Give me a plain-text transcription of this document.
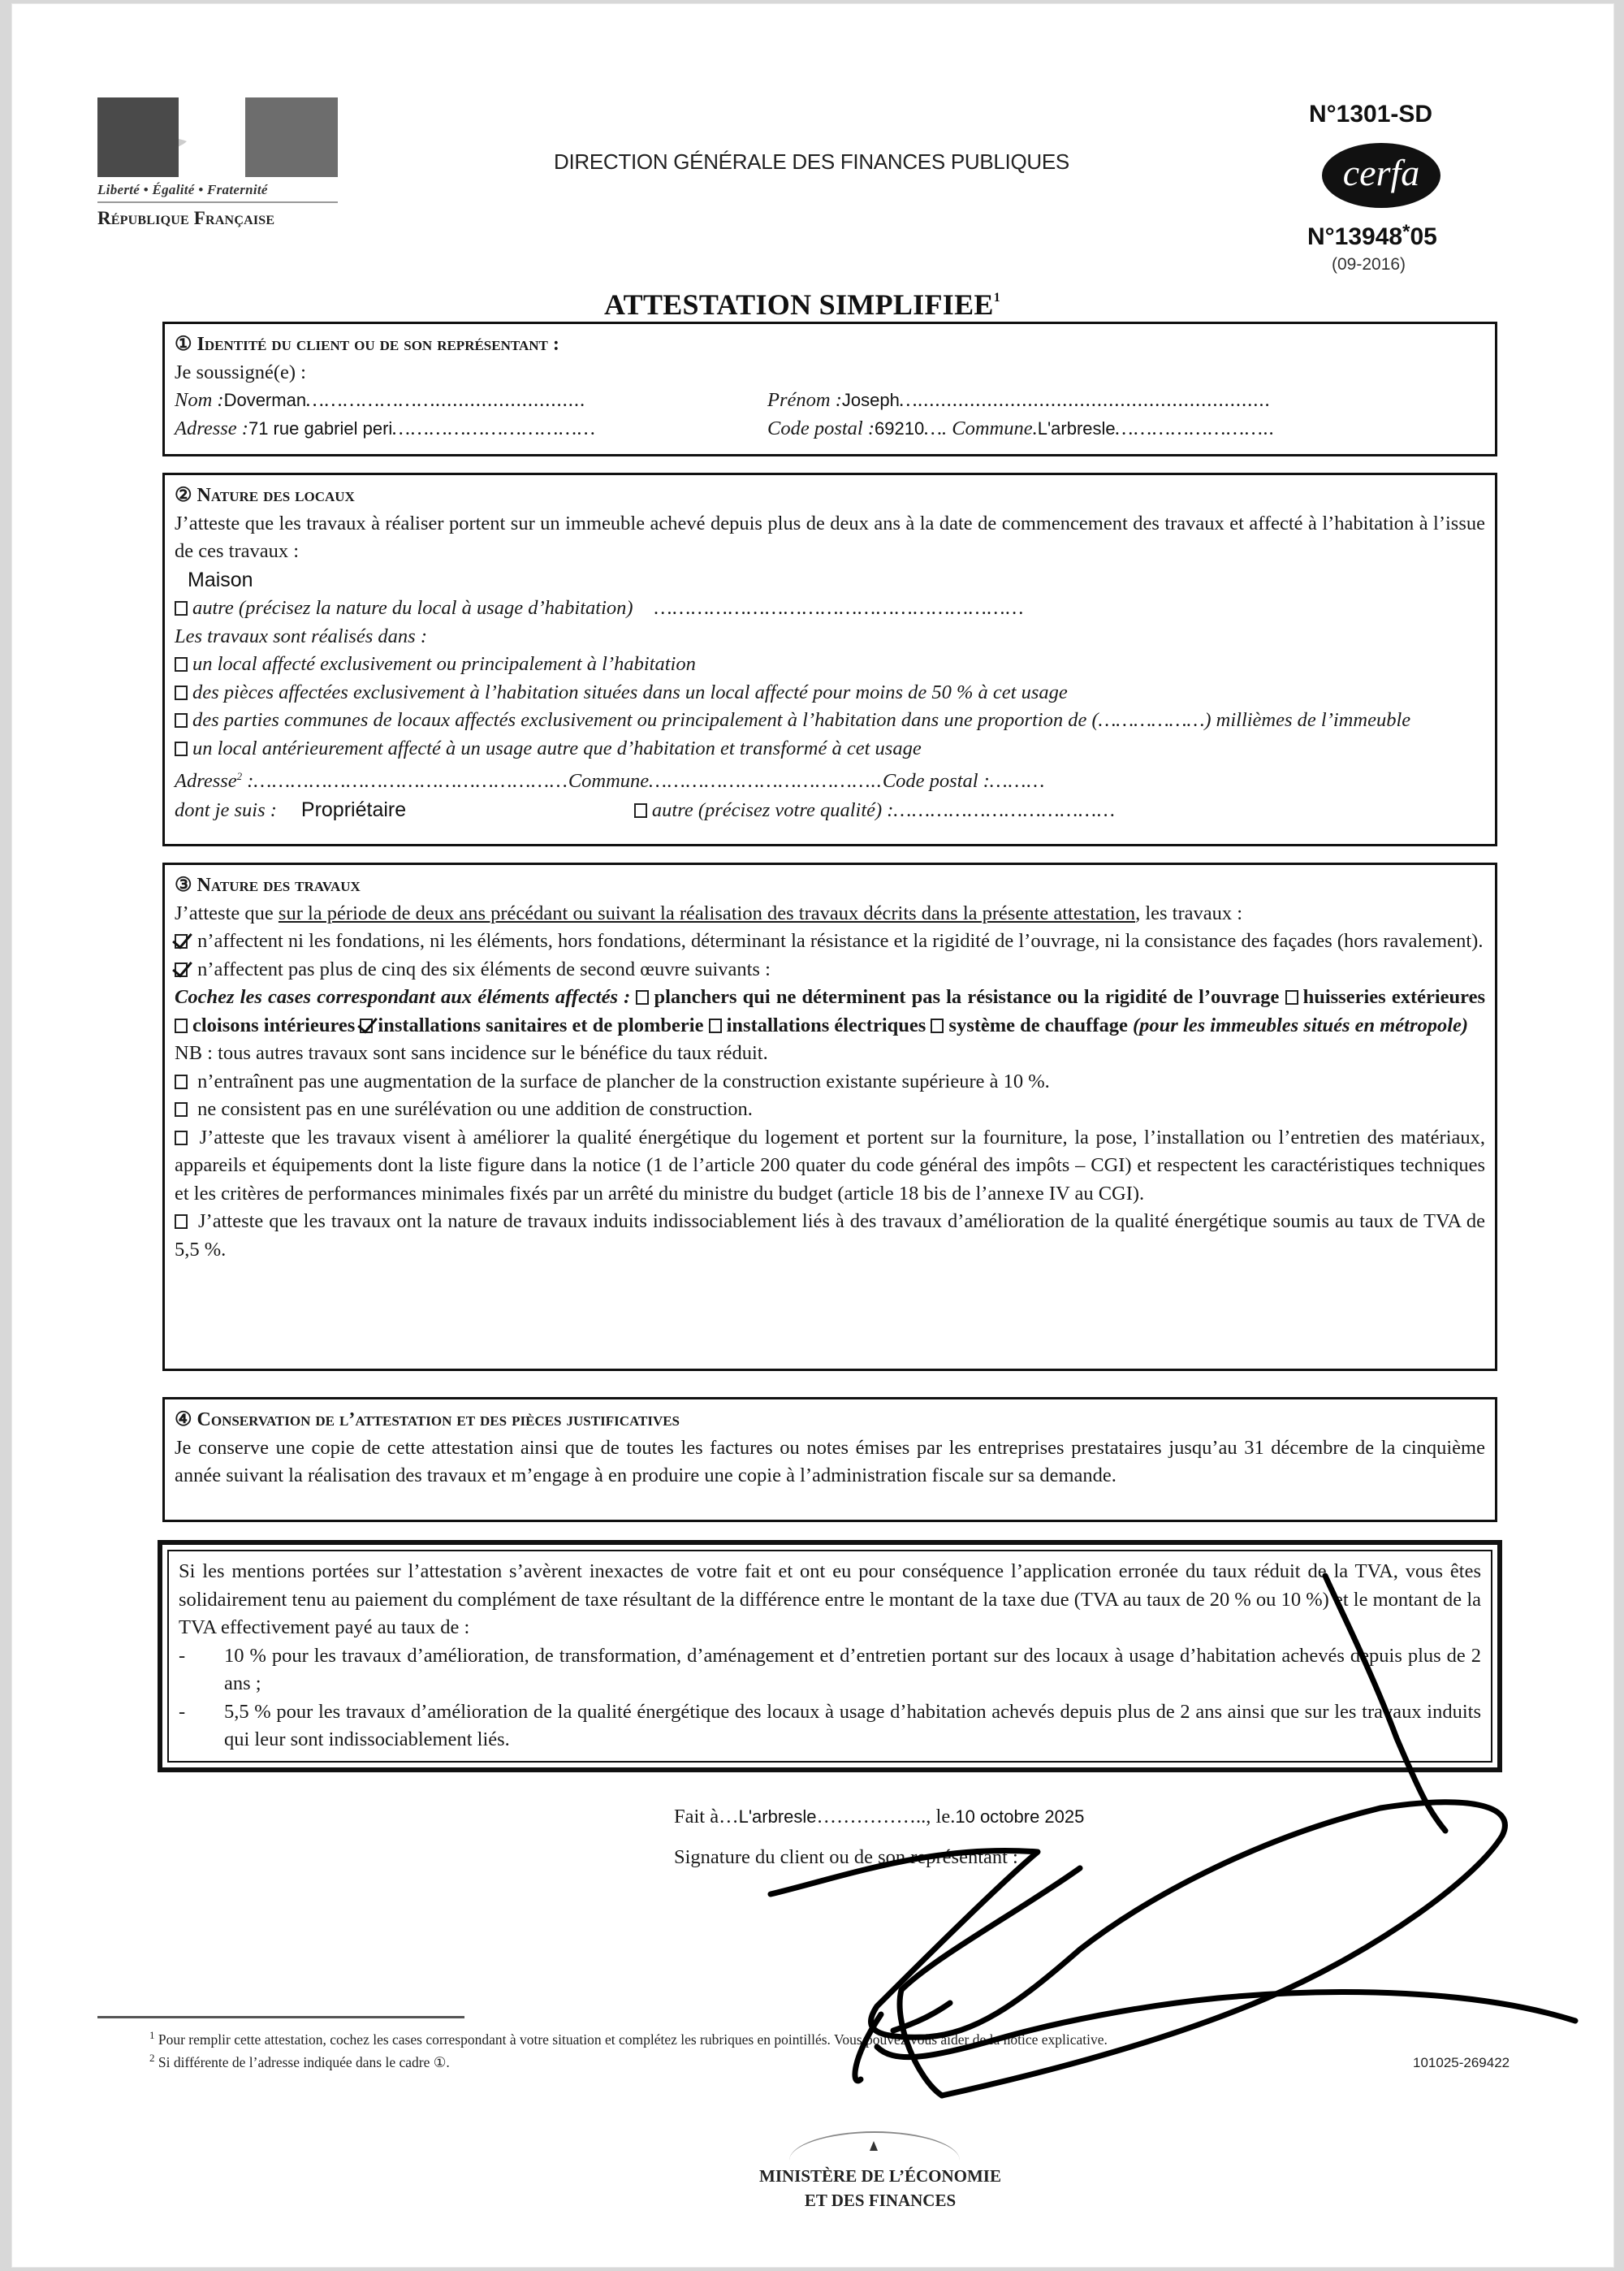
Liberté • Égalité • Fraternité
République Française
DIRECTION GÉNÉRALE DES FINANCES PUBLIQUES
N°1301-SD
cerfa
N°13948*05
(09-2016)
ATTESTATION SIMPLIFIEE$^1$

① Identité du client ou de son représentant :

Je soussigné(e) :

Nom :Doverman…………………..........................	Prénom :Joseph….............................................................
Adresse :71 rue gabriel peri……………………………	Code postal :69210…. Commune.L'arbresle……………………..

② Nature des locaux

J’atteste que les travaux à réaliser portent sur un immeuble achevé depuis plus de deux ans à la date de commencement des travaux et affecté à l’habitation à l’issue de ces travaux :

Maison

autre (précisez la nature du local à usage d’habitation) ……………………………………………………

Les travaux sont réalisés dans :

un local affecté exclusivement ou principalement à l’habitation

des pièces affectées exclusivement à l’habitation situées dans un local affecté pour moins de 50 % à cet usage

des parties communes de locaux affectés exclusivement ou principalement à l’habitation dans une proportion de (………………) millièmes de l’immeuble

un local antérieurement affecté à un usage autre que d’habitation et transformé à cet usage

Adresse$^2$ :……………………………………………Commune………………………………..Code postal :………

dont je suis : Propriétaire	autre (précisez votre qualité) :………………………………

③ Nature des travaux

J’atteste que sur la période de deux ans précédant ou suivant la réalisation des travaux décrits dans la présente attestation, les travaux :

n’affectent ni les fondations, ni les éléments, hors fondations, déterminant la résistance et la rigidité de l’ouvrage, ni la consistance des façades (hors ravalement).

n’affectent pas plus de cinq des six éléments de second œuvre suivants :

Cochez les cases correspondant aux éléments affectés : planchers qui ne déterminent pas la résistance ou la rigidité de l’ouvrage huisseries extérieures cloisons intérieures installations sanitaires et de plomberie installations électriques système de chauffage (pour les immeubles situés en métropole)

NB : tous autres travaux sont sans incidence sur le bénéfice du taux réduit.

n’entraînent pas une augmentation de la surface de plancher de la construction existante supérieure à 10 %.

ne consistent pas en une surélévation ou une addition de construction.

J’atteste que les travaux visent à améliorer la qualité énergétique du logement et portent sur la fourniture, la pose, l’installation ou l’entretien des matériaux, appareils et équipements dont la liste figure dans la notice (1 de l’article 200 quater du code général des impôts – CGI) et respectent les caractéristiques techniques et les critères de performances minimales fixés par un arrêté du ministre du budget (article 18 bis de l’annexe IV au CGI).

J’atteste que les travaux ont la nature de travaux induits indissociablement liés à des travaux d’amélioration de la qualité énergétique soumis au taux de TVA de 5,5 %.

④ Conservation de l’attestation et des pièces justificatives

Je conserve une copie de cette attestation ainsi que de toutes les factures ou notes émises par les entreprises prestataires jusqu’au 31 décembre de la cinquième année suivant la réalisation des travaux et m’engage à en produire une copie à l’administration fiscale sur sa demande.

Si les mentions portées sur l’attestation s’avèrent inexactes de votre fait et ont eu pour conséquence l’application erronée du taux réduit de la TVA, vous êtes solidairement tenu au paiement du complément de taxe résultant de la différence entre le montant de la taxe due (TVA au taux de 20 % ou 10 %) et le montant de la TVA effectivement payé au taux de :

-	10 % pour les travaux d’amélioration, de transformation, d’aménagement et d’entretien portant sur des locaux à usage d’habitation achevés depuis plus de 2 ans ;
-	5,5 % pour les travaux d’amélioration de la qualité énergétique des locaux à usage d’habitation achevés depuis plus de 2 ans ainsi que sur les travaux induits qui leur sont indissociablement liés.
Fait à…L'arbresle…………….., le.10 octobre 2025
Signature du client ou de son représentant :
$^1$ Pour remplir cette attestation, cochez les cases correspondant à votre situation et complétez les rubriques en pointillés. Vous pouvez vous aider de la notice explicative.
$^2$ Si différente de l’adresse indiquée dans le cadre ①.	101025-269422
MINISTÈRE DE L’ÉCONOMIE
ET DES FINANCES
